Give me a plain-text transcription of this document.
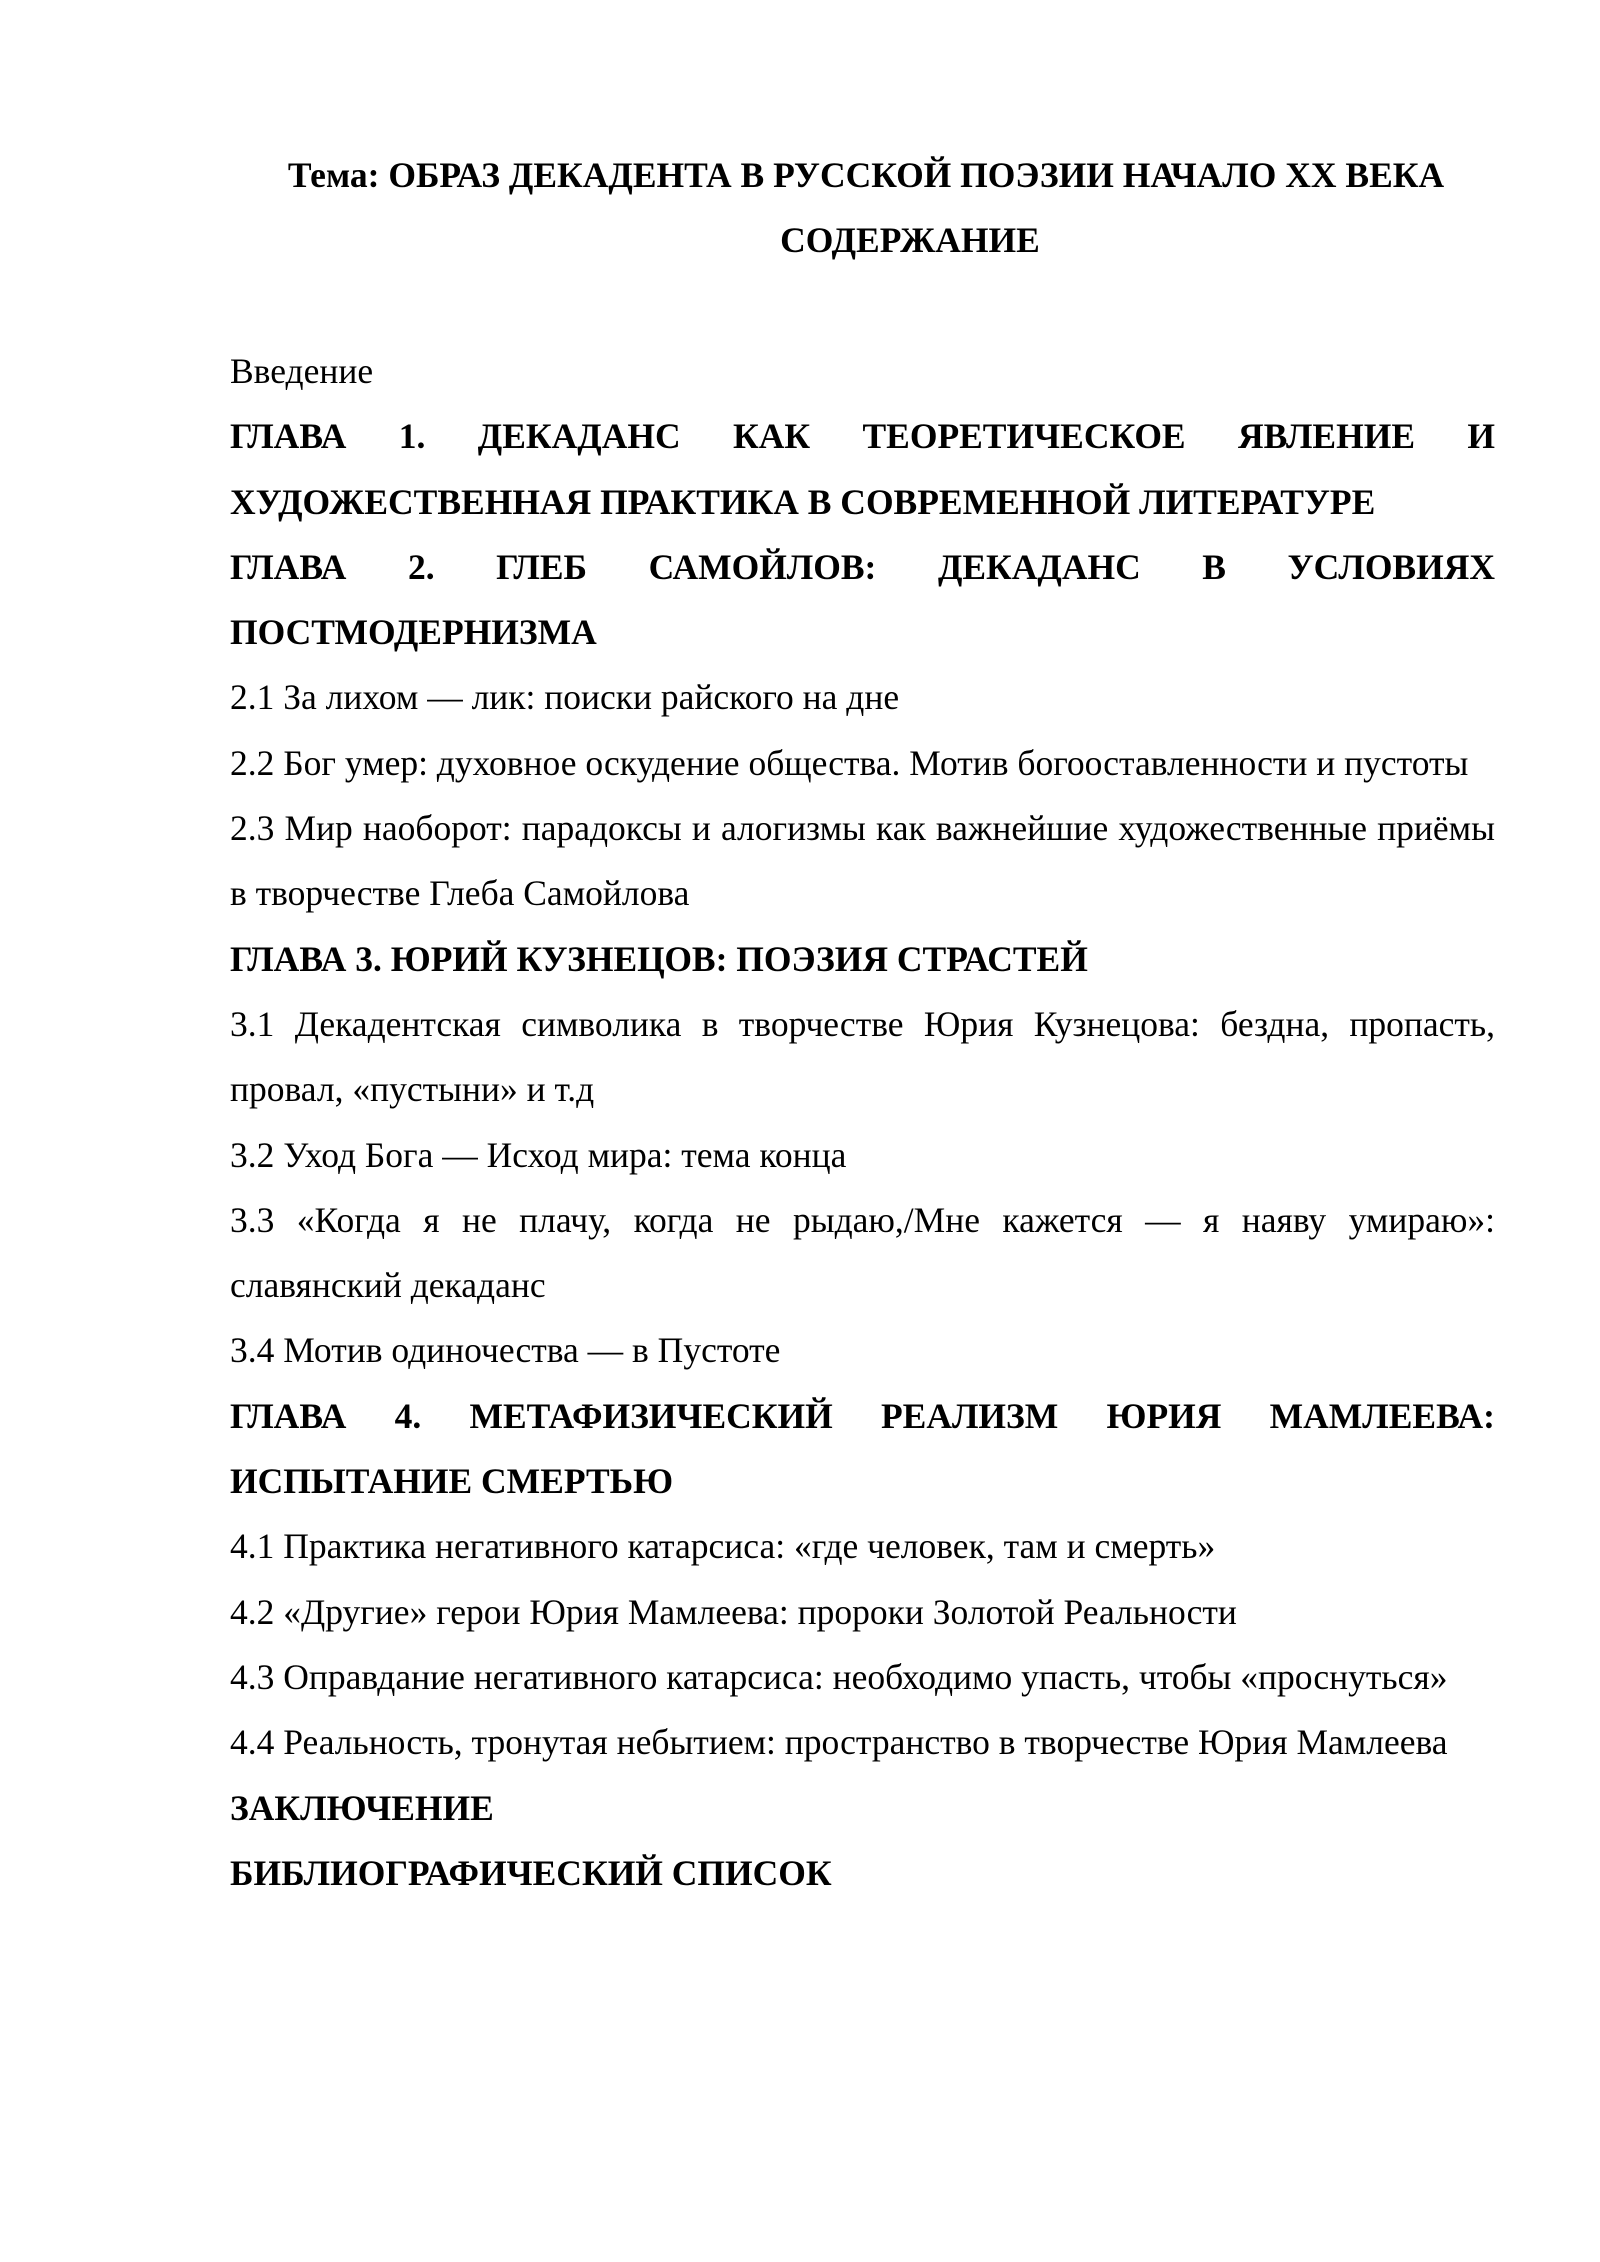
Тема: ОБРАЗ ДЕКАДЕНТА В РУССКОЙ ПОЭЗИИ НАЧАЛО XX ВЕКА

СОДЕРЖАНИЕ

Введение
ГЛАВА 1. ДЕКАДАНС КАК ТЕОРЕТИЧЕСКОЕ ЯВЛЕНИЕ И ХУДОЖЕСТВЕННАЯ ПРАКТИКА В СОВРЕМЕННОЙ ЛИТЕРАТУРЕ
ГЛАВА 2. ГЛЕБ САМОЙЛОВ: ДЕКАДАНС В УСЛОВИЯХ ПОСТМОДЕРНИЗМА
2.1 За лихом — лик: поиски райского на дне
2.2 Бог умер: духовное оскудение общества. Мотив богооставленности и пустоты
2.3 Мир наоборот: парадоксы и алогизмы как важнейшие художественные приёмы в творчестве Глеба Самойлова
ГЛАВА 3. ЮРИЙ КУЗНЕЦОВ: ПОЭЗИЯ СТРАСТЕЙ
3.1 Декадентская символика в творчестве Юрия Кузнецова: бездна, пропасть, провал, «пустыни» и т.д
3.2 Уход Бога — Исход мира: тема конца
3.3 «Когда я не плачу, когда не рыдаю,/Мне кажется — я наяву умираю»: славянский декаданс
3.4 Мотив одиночества — в Пустоте
ГЛАВА 4. МЕТАФИЗИЧЕСКИЙ РЕАЛИЗМ ЮРИЯ МАМЛЕЕВА: ИСПЫТАНИЕ СМЕРТЬЮ
4.1 Практика негативного катарсиса: «где человек, там и смерть»
4.2 «Другие» герои Юрия Мамлеева: пророки Золотой Реальности
4.3 Оправдание негативного катарсиса: необходимо упасть, чтобы «проснуться»
4.4 Реальность, тронутая небытием: пространство в творчестве Юрия Мамлеева
ЗАКЛЮЧЕНИЕ
БИБЛИОГРАФИЧЕСКИЙ СПИСОК
